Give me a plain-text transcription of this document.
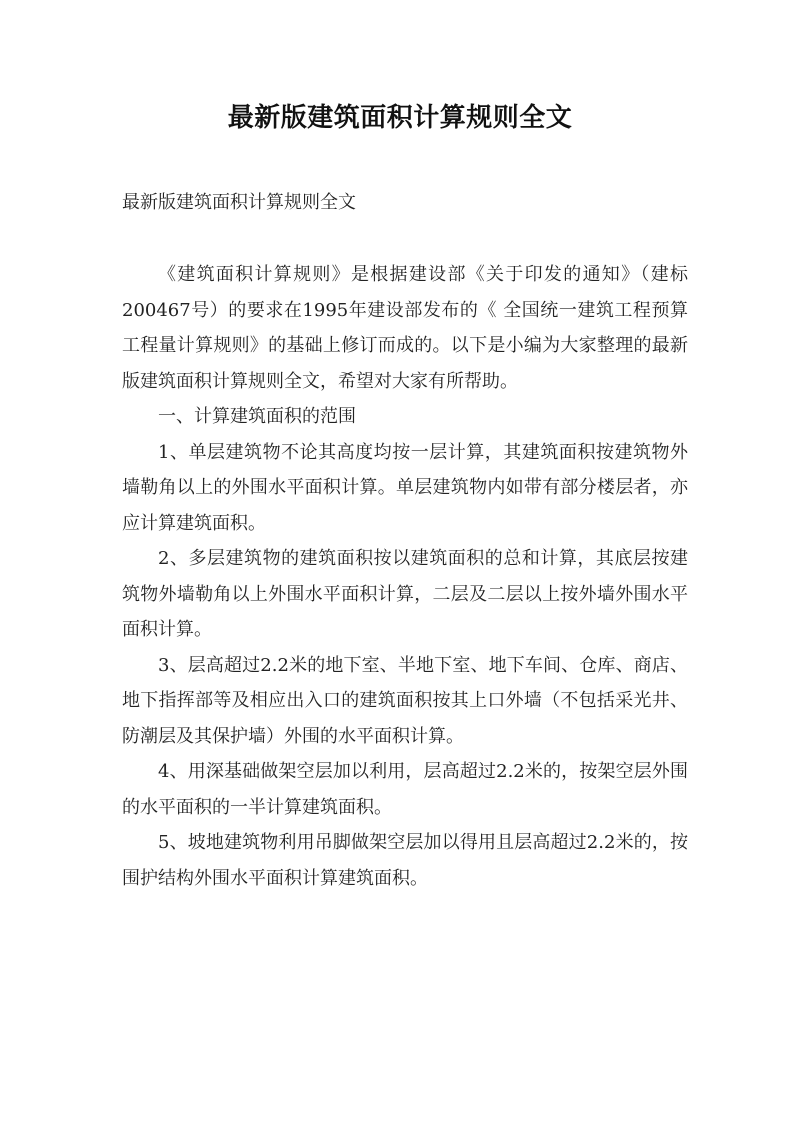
最新版建筑面积计算规则全文
最新版建筑面积计算规则全文

《建筑面积计算规则》是根据建设部《关于印发的通知》（建标200467号）的要求在1995年建设部发布的《 全国统一建筑工程预算工程量计算规则》的基础上修订而成的。以下是小编为大家整理的最新版建筑面积计算规则全文，希望对大家有所帮助。

一、计算建筑面积的范围

1、单层建筑物不论其高度均按一层计算，其建筑面积按建筑物外墙勒角以上的外围水平面积计算。单层建筑物内如带有部分楼层者，亦应计算建筑面积。

2、多层建筑物的建筑面积按以建筑面积的总和计算，其底层按建筑物外墙勒角以上外围水平面积计算，二层及二层以上按外墙外围水平面积计算。

3、层高超过2.2米的地下室、半地下室、地下车间、仓库、商店、地下指挥部等及相应出入口的建筑面积按其上口外墙（不包括采光井、防潮层及其保护墙）外围的水平面积计算。

4、用深基础做架空层加以利用，层高超过2.2米的，按架空层外围的水平面积的一半计算建筑面积。

5、坡地建筑物利用吊脚做架空层加以得用且层高超过2.2米的，按围护结构外围水平面积计算建筑面积。
